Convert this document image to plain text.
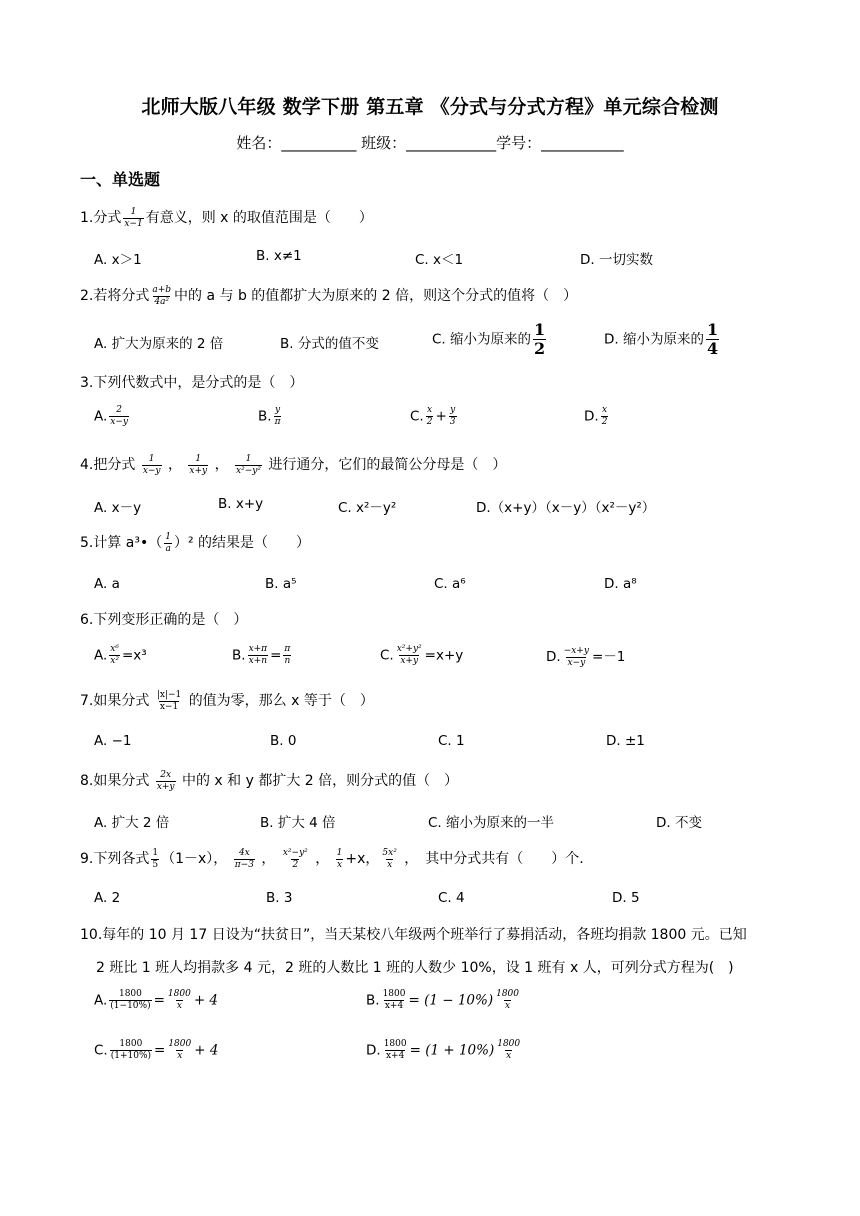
北师大版八年级 数学下册 第五章 《分式与分式方程》单元综合检测
姓名：__________ 班级：____________学号：___________
一、单选题
1.分式 $\frac{1}{x-1}$ 有意义，则 x 的取值范围是（　　）
A. x＞1	B. x≠1	C. x＜1	D. 一切实数
2.若将分式 $\frac{a+b}{\text{4a²}}$ 中的 a 与 b 的值都扩大为原来的 2 倍，则这个分式的值将（　）
A. 扩大为原来的 2 倍	B. 分式的值不变	C. 缩小为原来的 $\frac{1}{2}$	D. 缩小为原来的 $\frac{1}{4}$
3.下列代数式中，是分式的是（　）
A. $\frac{2}{x-y}$	B. $\frac{y}{\pi}$	C. $\frac{x}{2} + \frac{y}{3}$	D. $\frac{x}{2}$
4.把分式 $\frac{1}{x-y}$ ， $\frac{1}{x+y}$ ， $\frac{1}{\text{x²−y²}}$ 进行通分，它们的最简公分母是（　）
A. x－y	B. x+y	C. x²－y²	D.（x+y）（x－y）（x²－y²）
5.计算 a³•（ $\frac{1}{a} )^2$ 的结果是（　　）
A. a	B. a⁵	C. a⁶	D. a⁸
6.下列变形正确的是（　）
A. $\frac{\text{x⁶}}{\text{x²}} =x^3$	B. $\frac{x+\pi}{x+n} = \frac{\pi}{n}$	C. $\frac{\text{x²+y²}}{x+y} =x+y$	D. $\frac{-x+y}{x-y} =-1$
7.如果分式 $\frac{|x|-1}{x-1}$ 的值为零，那么 x 等于（　）
A. −1	B. 0	C. 1	D. ±1
8.如果分式 $\frac{2x}{x+y}$ 中的 x 和 y 都扩大 2 倍，则分式的值（　）
A. 扩大 2 倍	B. 扩大 4 倍	C. 缩小为原来的一半	D. 不变
9.下列各式 $\frac{1}{5} (1-x)$， $\frac{4x}{\pi-3}$ ， $\frac{\text{x²−y²}}{2}$ ， $\frac{1}{x} +x$， $\frac{\text{5x²}}{x}$ ，　其中分式共有（　　）个.
A. 2	B. 3	C. 4	D. 5
10.每年的 10 月 17 日设为“扶贫日”，当天某校八年级两个班举行了募捐活动，各班均捐款 1800 元。已知
2 班比 1 班人均捐款多 4 元，2 班的人数比 1 班的人数少 10%，设 1 班有 x 人，可列分式方程为(　)
A. $\frac{1800}{(1-10\%)} = \frac{1800}{x} + 4$	B. $\frac{1800}{x+4} = (1 - 10\%) \frac{1800}{x}$
C. $\frac{1800}{(1+10\%)} = \frac{1800}{x} + 4$	D. $\frac{1800}{x+4} = (1 + 10\%) \frac{1800}{x}$
